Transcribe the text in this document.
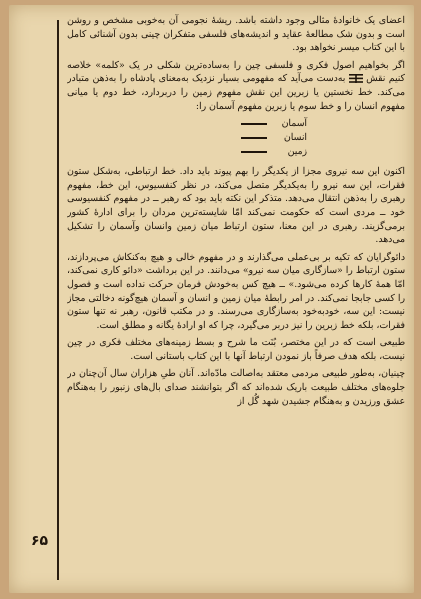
اعضای یک خانوادهٔ مثالی وجود داشته باشد. ریشهٔ نجومی آن به‌خوبی مشخص و روشن است و بدون شک مطالعهٔ عقاید و اندیشه‌های فلسفی متفکران چینی بدون آشنائی کامل با این کتاب میسر نخواهد بود.

اگر بخواهیم اصول فکری و فلسفی چین را به‌ساده‌ترین شکلی در یک «کلمه» خلاصه کنیم نقش  به‌دست می‌آید که مفهومی بسیار نزدیک به‌معنای پادشاه را به‌ذهن متبادر می‌کند. خط نخستین یا زبرین این نقش مفهوم زمین را دربردارد، خط دوم یا میانی مفهوم انسان را و خط سوم یا زبرین مفهوم آسمان را:

آسمان
انسان
زمین

اکنون این سه نیروی مجزا از یکدیگر را بهم پیوند باید داد. خط ارتباطی، به‌شکل ستون فقرات، این سه نیرو را به‌یکدیگر متصل می‌کند، در نظر کنفسیوس، این خط، مفهوم رهبری را به‌ذهن انتقال می‌دهد. متذکر این نکته باید بود که رهبر ــ در مفهوم کنفسیوسی خود ــ مردی است که حکومت نمی‌کند امّا شایسته‌ترین مردان را برای ادارهٔ کشور برمی‌گزیند. رهبری در این معنا، ستون ارتباط میان زمین وانسان وآسمان را تشکیل می‌دهد.

دائوگرایان که تکیه بر بی‌عملی می‌گذارند و در مفهوم خالی و هیچ به‌کنکاش می‌پردازند، ستون ارتباط را «سازگاری میان سه نیرو» می‌دانند. در این برداشت «دائو کاری نمی‌کند، امّا همهٔ کارها کرده می‌شود.» ــ هیچ کس به‌خودش فرمان حرکت نداده است و فصول را کسی جابجا نمی‌کند. در امر رابطهٔ میان زمین و انسان و آسمان هیچ‌گونه دخالتی مجاز نیست: این سه، خودبه‌خود به‌سازگاری می‌رسند. و در مکتب قانون، رهبر نه تنها ستون فقرات، بلکه خط زبرین را نیز دربر می‌گیرد، چرا که او ارادهٔ یگانه و مطلق است.

طبیعی است که در این مختصر، بُنَت ما شرح و بسط زمینه‌های مختلف فکری در چین نیست، بلکه هدف صرفاً باز نمودن ارتباط آنها با این کتاب باستانی است.

چینیان، به‌طور طبیعی مردمی معتقد به‌اصالت مادّه‌اند. آنان طیِ هزاران سال آن‌چنان در جلوه‌های مختلف طبیعت باریک شده‌اند که اگر بتوانشند صدای بال‌های زنبور را به‌هنگام عشق ورزیدن و به‌هنگام جشیدن شهد گُل از

۶۵
